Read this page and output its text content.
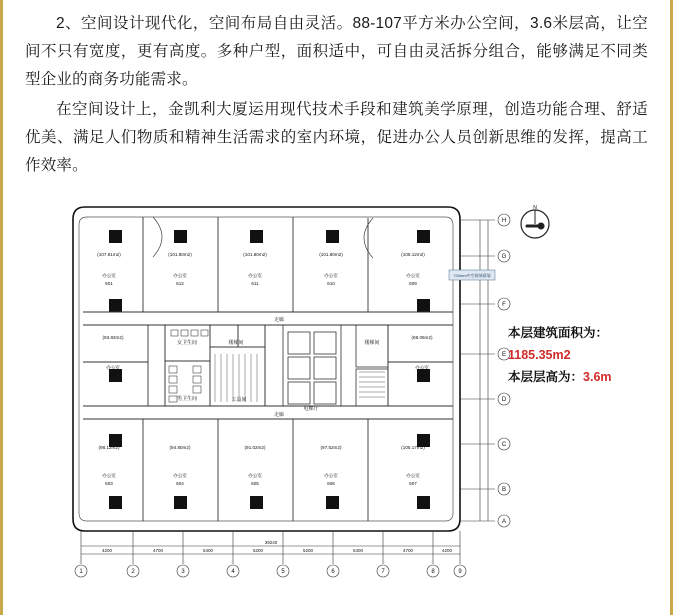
2、空间设计现代化，空间布局自由灵活。88-107平方米办公空间，3.6米层高，让空间不只有宽度，更有高度。多种户型，面积适中，可自由灵活拆分组合，能够满足不同类型企业的商务功能需求。

在空间设计上，金凯利大厦运用现代技术手段和建筑美学原理，创造功能合理、舒适优美、满足人们物质和精神生活需求的室内环境，促进办公人员创新思维的发挥，提高工作效率。

1	2	3	4	5	6	7	8	9
4200	4700	5400	5200	5200	5400	4700	4200
39240
H
G
F
E
D
C
B
A
(107.81m2)
办公室
601
(101.80m2)
办公室
612
(101.80m2)
办公室
611
(101.80m2)
办公室
610
(105.12m2)
办公室
609
(93.82m2)
办公室
602
(88.06m2)
办公室
608
(98.12m2)
办公室
603
(94.80m2)
办公室
604
(91.02m2)
办公室
605
(97.52m2)
办公室
606
(105.17m2)
办公室
607
走廊
走廊
电梯厅
楼梯间
楼梯间
女卫生间
男卫生间	工具间
720mm中空玻璃幕墙
N
本层建筑面积为：1185.35m2
本层层高为：3.6m
